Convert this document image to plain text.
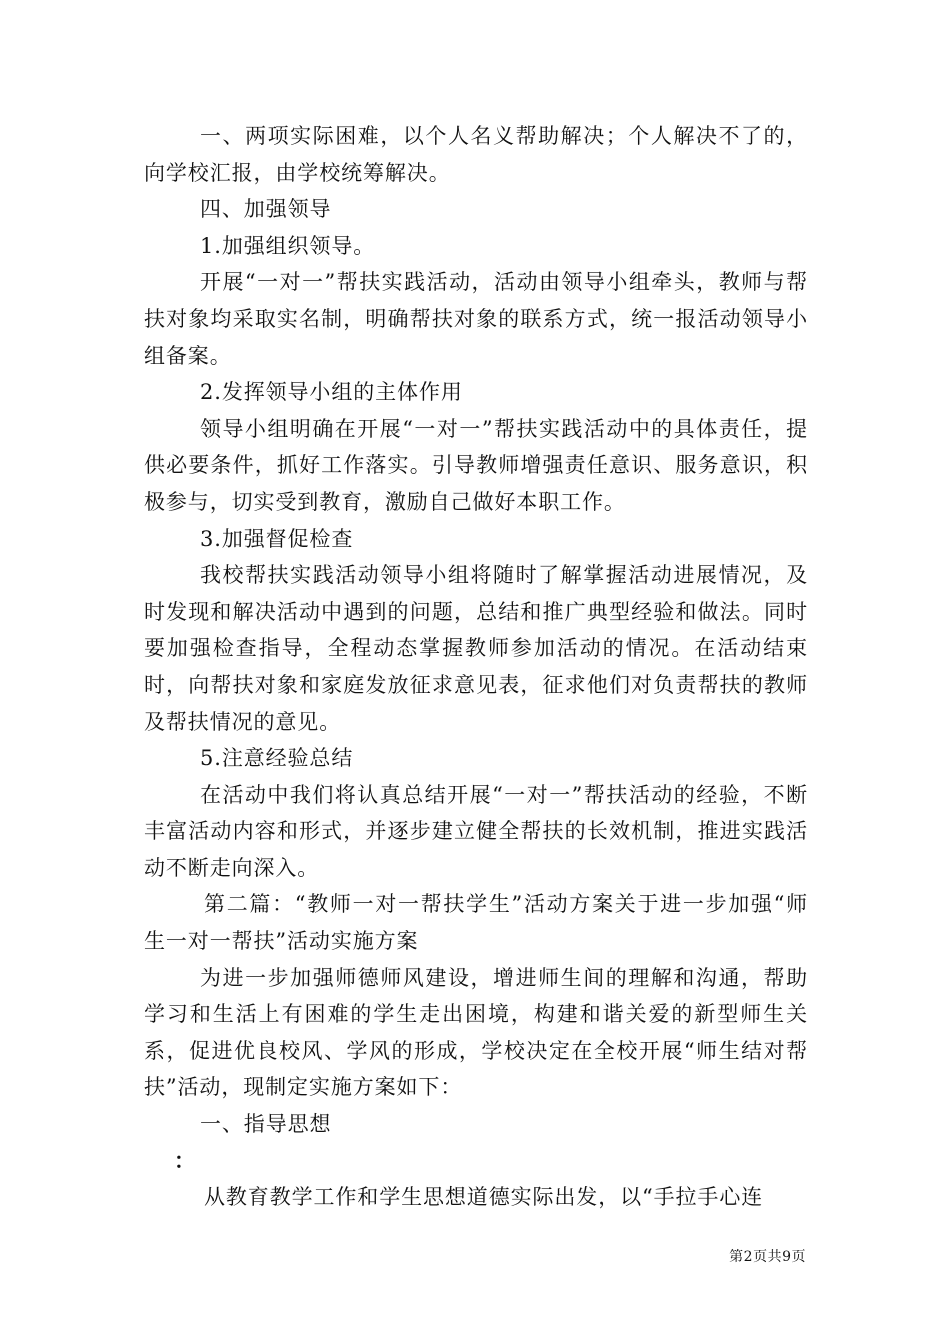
一、两项实际困难，以个人名义帮助解决；个人解决不了的，向学校汇报，由学校统筹解决。

四、加强领导

1.加强组织领导。

开展“一对一”帮扶实践活动，活动由领导小组牵头，教师与帮扶对象均采取实名制，明确帮扶对象的联系方式，统一报活动领导小组备案。

2.发挥领导小组的主体作用

领导小组明确在开展“一对一”帮扶实践活动中的具体责任，提供必要条件，抓好工作落实。引导教师增强责任意识、服务意识，积极参与，切实受到教育，激励自己做好本职工作。

3.加强督促检查

我校帮扶实践活动领导小组将随时了解掌握活动进展情况，及时发现和解决活动中遇到的问题，总结和推广典型经验和做法。同时要加强检查指导，全程动态掌握教师参加活动的情况。在活动结束时，向帮扶对象和家庭发放征求意见表，征求他们对负责帮扶的教师及帮扶情况的意见。

5.注意经验总结

在活动中我们将认真总结开展“一对一”帮扶活动的经验，不断丰富活动内容和形式，并逐步建立健全帮扶的长效机制，推进实践活动不断走向深入。

第二篇：“教师一对一帮扶学生”活动方案关于进一步加强“师生一对一帮扶”活动实施方案

为进一步加强师德师风建设，增进师生间的理解和沟通，帮助学习和生活上有困难的学生走出困境，构建和谐关爱的新型师生关系，促进优良校风、学风的形成，学校决定在全校开展“师生结对帮扶”活动，现制定实施方案如下：

一、指导思想

：

从教育教学工作和学生思想道德实际出发，以“手拉手心连

第2页共9页
